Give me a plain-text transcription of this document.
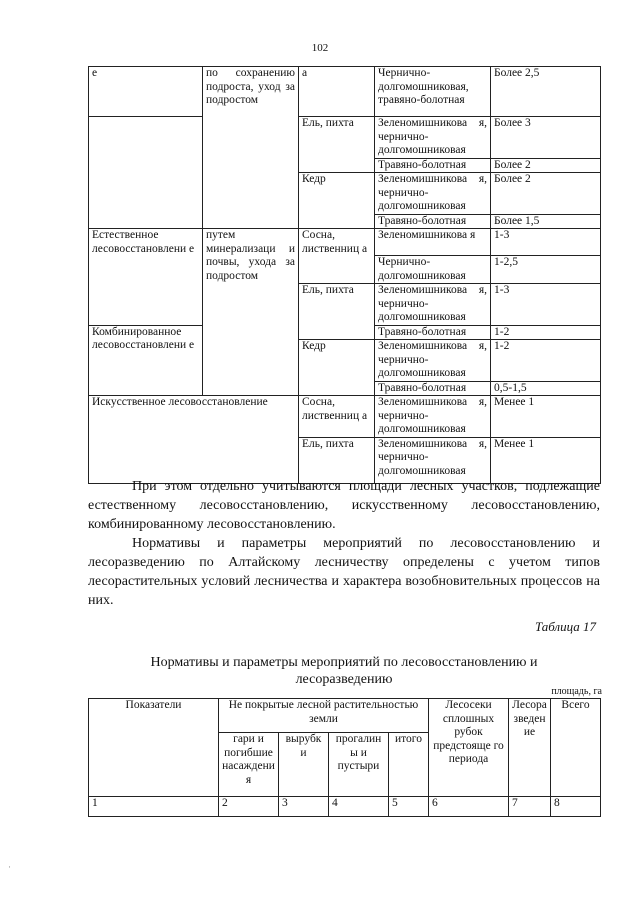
102
е	по сохранению подроста, уход за подростом	а	Чернично-долгомошниковая, травяно-болотная	Более 2,5
		Ель, пихта	Зеленомишникова я, чернично-долгомошниковая	Более 3
			Травяно-болотная	Более 2
		Кедр	Зеленомишникова я, чернично-долгомошниковая	Более 2
			Травяно-болотная	Более 1,5
Естественное лесовосстановлени е	путем минерализаци и почвы, ухода за подростом	Сосна, лиственниц а	Зеленомишникова я	1-3
			Чернично-долгомошниковая	1-2,5
		Ель, пихта	Зеленомишникова я, чернично-долгомошниковая	1-3
Комбинированное лесовосстановлени е			Травяно-болотная	1-2
		Кедр	Зеленомишникова я, чернично-долгомошниковая	1-2
			Травяно-болотная	0,5-1,5
Искусственное лесовосстановление		Сосна, лиственниц а	Зеленомишникова я, чернично-долгомошниковая	Менее 1
		Ель, пихта	Зеленомишникова я, чернично-долгомошниковая	Менее 1

При этом отдельно учитываются площади лесных участков, подлежащие естественному лесовосстановлению, искусственному лесовосстановлению, комбинированному лесовосстановлению.

Нормативы и параметры мероприятий по лесовосстановлению и лесоразведению по Алтайскому лесничеству определены с учетом типов лесорастительных условий лесничества и характера возобновительных процессов на них.

Таблица 17
Нормативы и параметры мероприятий по лесовосстановлению и
лесоразведению
площадь, га
Показатели	Не покрытые лесной растительностью земли				Лесосеки сплошных рубок предстояще го периода	Лесора зведен ие	Всего
	гари и погибшие насаждени я	вырубк и	прогалин ы и пустыри	итого			
1	2	3	4	5	6	7	8
·
